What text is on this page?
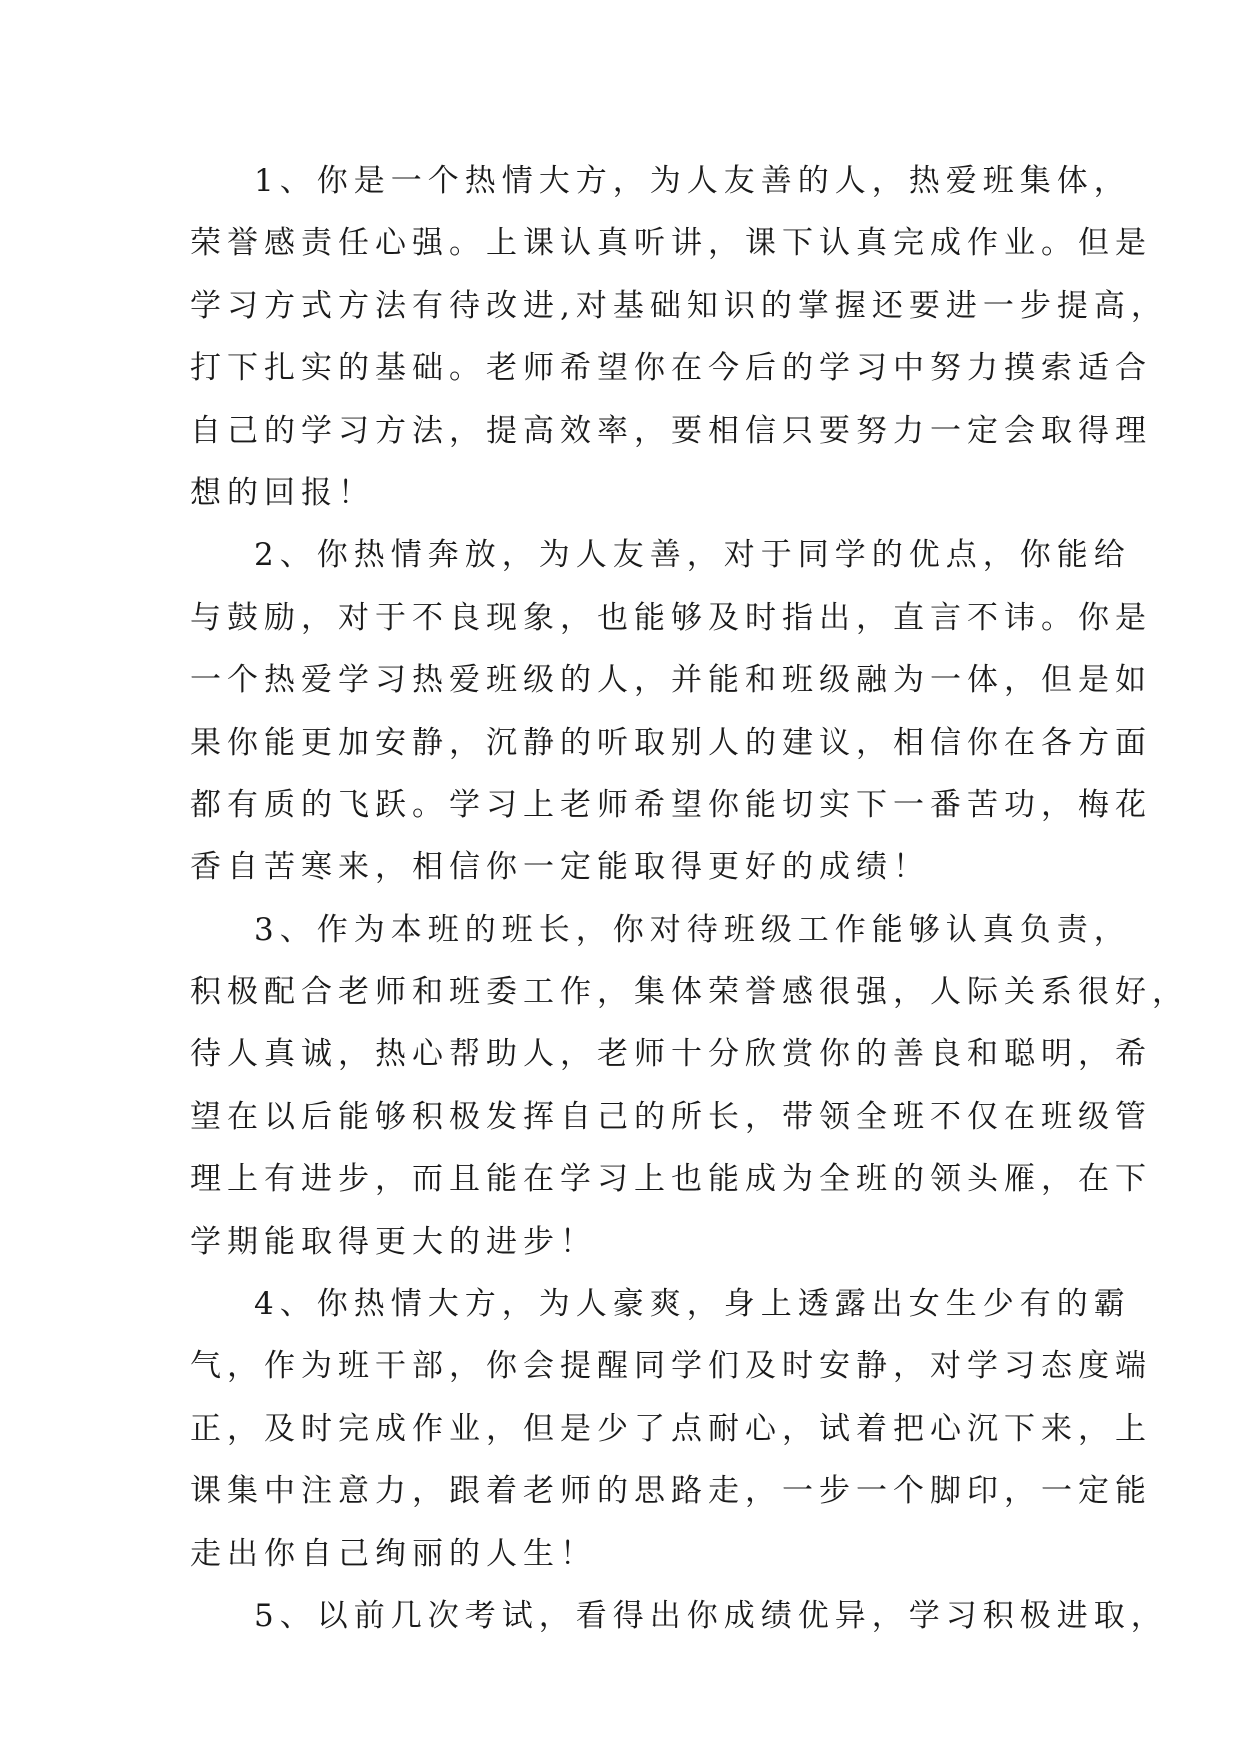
1、你是一个热情大方，为人友善的人，热爱班集体，
荣誉感责任心强。上课认真听讲，课下认真完成作业。但是
学习方式方法有待改进,对基础知识的掌握还要进一步提高，
打下扎实的基础。老师希望你在今后的学习中努力摸索适合
自己的学习方法，提高效率，要相信只要努力一定会取得理
想的回报！
2、你热情奔放，为人友善，对于同学的优点，你能给
与鼓励，对于不良现象，也能够及时指出，直言不讳。你是
一个热爱学习热爱班级的人，并能和班级融为一体，但是如
果你能更加安静，沉静的听取别人的建议，相信你在各方面
都有质的飞跃。学习上老师希望你能切实下一番苦功，梅花
香自苦寒来，相信你一定能取得更好的成绩！
3、作为本班的班长，你对待班级工作能够认真负责，
积极配合老师和班委工作，集体荣誉感很强，人际关系很好，
待人真诚，热心帮助人，老师十分欣赏你的善良和聪明，希
望在以后能够积极发挥自己的所长，带领全班不仅在班级管
理上有进步，而且能在学习上也能成为全班的领头雁，在下
学期能取得更大的进步！
4、你热情大方，为人豪爽，身上透露出女生少有的霸
气，作为班干部，你会提醒同学们及时安静，对学习态度端
正，及时完成作业，但是少了点耐心，试着把心沉下来，上
课集中注意力，跟着老师的思路走，一步一个脚印，一定能
走出你自己绚丽的人生！
5、以前几次考试，看得出你成绩优异，学习积极进取，
